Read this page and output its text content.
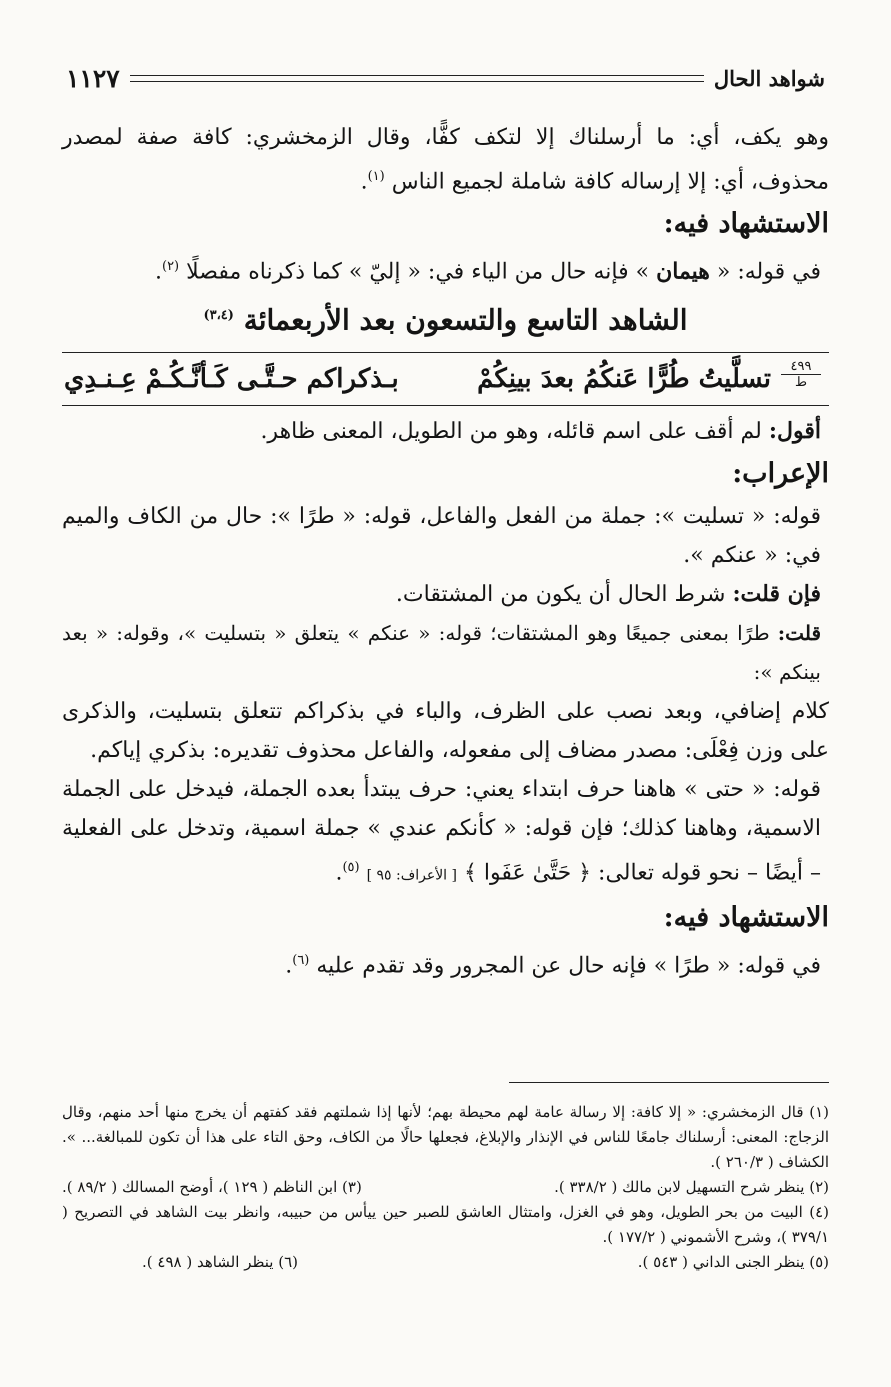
شواهد الحال
١١٢٧

وهو يكف، أي: ما أرسلناك إلا لتكف كفًّا، وقال الزمخشري: كافة صفة لمصدر محذوف، أي: إلا إرساله كافة شاملة لجميع الناس $^{(١)}$.

الاستشهاد فيه:

في قوله: « هيمان » فإنه حال من الياء في: « إليّ » كما ذكرناه مفصلًا $^{(٢)}$.

الشاهد التاسع والتسعون بعد الأربعمائة $^{(٣،٤)}$

٤٩٩
ط
تسلَّيتُ طُرًّا عَنكُمُ بعدَ بينِكُمْ
بـذكراكم حـتَّـى كَـأنَّـكُـمْ عِـنـدِي

أقول: لم أقف على اسم قائله، وهو من الطويل، المعنى ظاهر.

الإعراب:

قوله: « تسليت »: جملة من الفعل والفاعل، قوله: « طرًا »: حال من الكاف والميم في: « عنكم ».

فإن قلت: شرط الحال أن يكون من المشتقات.

قلت: طرًا بمعنى جميعًا وهو المشتقات؛ قوله: « عنكم » يتعلق « بتسليت »، وقوله: « بعد بينكم »:

كلام إضافي، وبعد نصب على الظرف، والباء في بذكراكم تتعلق بتسليت، والذكرى على وزن فِعْلَى: مصدر مضاف إلى مفعوله، والفاعل محذوف تقديره: بذكري إياكم.

قوله: « حتى » هاهنا حرف ابتداء يعني: حرف يبتدأ بعده الجملة، فيدخل على الجملة الاسمية، وهاهنا كذلك؛ فإن قوله: « كأنكم عندي » جملة اسمية، وتدخل على الفعلية – أيضًا – نحو قوله تعالى: ﴿ حَتَّىٰ عَفَوا ﴾ [ الأعراف: ٩٥ ] $^{(٥)}$.

الاستشهاد فيه:

في قوله: « طرًا » فإنه حال عن المجرور وقد تقدم عليه $^{(٦)}$.

(١) قال الزمخشري: « إلا كافة: إلا رسالة عامة لهم محيطة بهم؛ لأنها إذا شملتهم فقد كفتهم أن يخرج منها أحد منهم، وقال الزجاج: المعنى: أرسلناك جامعًا للناس في الإنذار والإبلاغ، فجعلها حالًا من الكاف، وحق التاء على هذا أن تكون للمبالغة... ». الكشاف ( ٢٦٠/٣ ).

(٢) ينظر شرح التسهيل لابن مالك ( ٣٣٨/٢ ).
(٣) ابن الناظم ( ١٢٩ )، أوضح المسالك ( ٨٩/٢ ).

(٤) البيت من بحر الطويل، وهو في الغزل، وامتثال العاشق للصبر حين ييأس من حبيبه، وانظر بيت الشاهد في التصريح ( ٣٧٩/١ )، وشرح الأشموني ( ١٧٧/٢ ).

(٥) ينظر الجنى الداني ( ٥٤٣ ).
(٦) ينظر الشاهد ( ٤٩٨ ).
